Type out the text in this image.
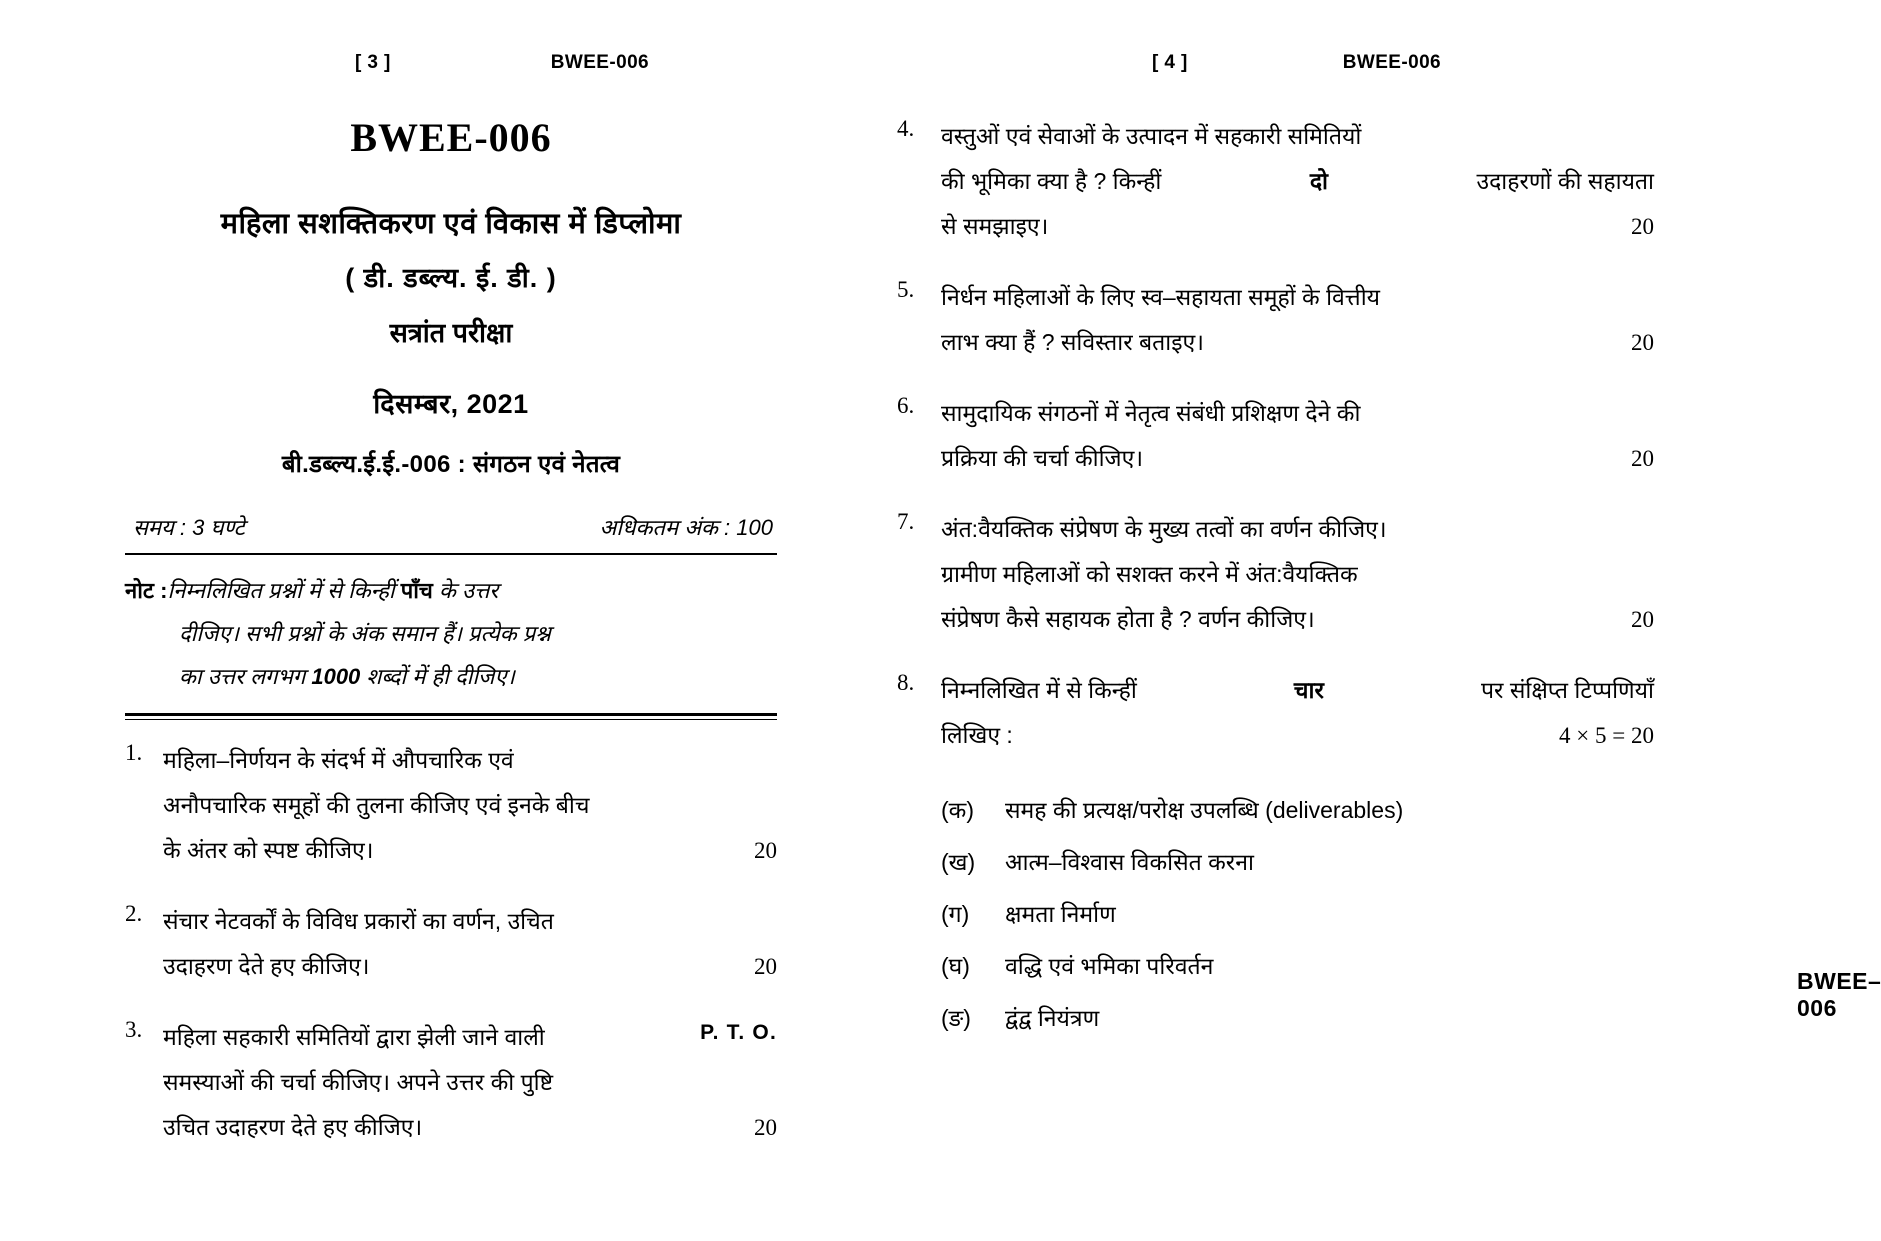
[ 3 ]	BWEE-006
BWEE-006
महिला सशक्तिकरण एवं विकास में डिप्लोमा
( डी. डब्ल्य. ई. डी. )
सत्रांत परीक्षा
दिसम्बर, 2021
बी.डब्ल्य.ई.ई.-006 : संगठन एवं नेतत्व
समय : 3 घण्टे	अधिकतम अंक : 100
नोट :निम्नलिखित प्रश्नों में से किन्हीं पाँच के उत्तर
दीजिए। सभी प्रश्नों के अंक समान हैं। प्रत्येक प्रश्न
का उत्तर लगभग 1000 शब्दों में ही दीजिए।
1. महिला–निर्णयन के संदर्भ में औपचारिक एवं
अनौपचारिक समूहों की तुलना कीजिए एवं इनके बीच
के अंतर को स्पष्ट कीजिए।	20
2. संचार नेटवर्कों के विविध प्रकारों का वर्णन, उचित
उदाहरण देते हए कीजिए।	20
3. महिला सहकारी समितियों द्वारा झेली जाने वाली
समस्याओं की चर्चा कीजिए। अपने उत्तर की पुष्टि
उचित उदाहरण देते हए कीजिए।	20
P. T. O.
[ 4 ]	BWEE-006
4.	वस्तुओं एवं सेवाओं के उत्पादन में सहकारी समितियों
की भूमिका क्या है ? किन्हीं	दो	उदाहरणों की सहायता
से समझाइए।	20
5.	निर्धन महिलाओं के लिए स्व–सहायता समूहों के वित्तीय
लाभ क्या हैं ? सविस्तार बताइए।	20
6.	सामुदायिक संगठनों में नेतृत्व संबंधी प्रशिक्षण देने की
प्रक्रिया की चर्चा कीजिए।	20
7.	अंत:वैयक्तिक संप्रेषण के मुख्य तत्वों का वर्णन कीजिए।
ग्रामीण महिलाओं को सशक्त करने में अंत:वैयक्तिक
संप्रेषण कैसे सहायक होता है ? वर्णन कीजिए।	20
8.	निम्नलिखित में से किन्हीं	चार	पर संक्षिप्त टिप्पणियाँ
लिखिए :	4 × 5 = 20
(क)	समह की प्रत्यक्ष/परोक्ष उपलब्धि (deliverables)
(ख)	आत्म–विश्वास विकसित करना
(ग)	क्षमता निर्माण
(घ)	वद्धि एवं भमिका परिवर्तन
(ङ)	द्वंद्व नियंत्रण
BWEE–006
